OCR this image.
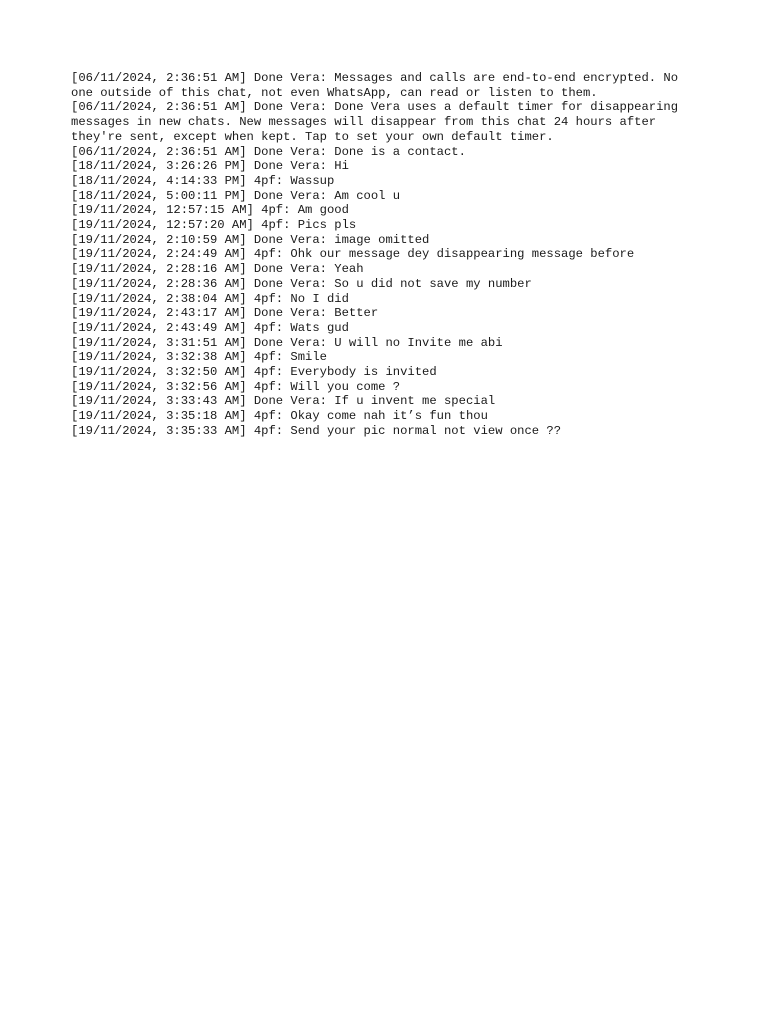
[06/11/2024, 2:36:51 AM] Done Vera: Messages and calls are end-to-end encrypted. No one outside of this chat, not even WhatsApp, can read or listen to them.

[06/11/2024, 2:36:51 AM] Done Vera: Done Vera uses a default timer for disappearing messages in new chats. New messages will disappear from this chat 24 hours after they're sent, except when kept. Tap to set your own default timer.

[06/11/2024, 2:36:51 AM] Done Vera: Done is a contact.

[18/11/2024, 3:26:26 PM] Done Vera: Hi

[18/11/2024, 4:14:33 PM] 4pf: Wassup

[18/11/2024, 5:00:11 PM] Done Vera: Am cool u

[19/11/2024, 12:57:15 AM] 4pf: Am good

[19/11/2024, 12:57:20 AM] 4pf: Pics pls

[19/11/2024, 2:10:59 AM] Done Vera: image omitted

[19/11/2024, 2:24:49 AM] 4pf: Ohk our message dey disappearing message before

[19/11/2024, 2:28:16 AM] Done Vera: Yeah

[19/11/2024, 2:28:36 AM] Done Vera: So u did not save my number

[19/11/2024, 2:38:04 AM] 4pf: No I did

[19/11/2024, 2:43:17 AM] Done Vera: Better

[19/11/2024, 2:43:49 AM] 4pf: Wats gud

[19/11/2024, 3:31:51 AM] Done Vera: U will no Invite me abi

[19/11/2024, 3:32:38 AM] 4pf: Smile

[19/11/2024, 3:32:50 AM] 4pf: Everybody is invited

[19/11/2024, 3:32:56 AM] 4pf: Will you come ?

[19/11/2024, 3:33:43 AM] Done Vera: If u invent me special

[19/11/2024, 3:35:18 AM] 4pf: Okay come nah it’s fun thou

[19/11/2024, 3:35:33 AM] 4pf: Send your pic normal not view once ??
